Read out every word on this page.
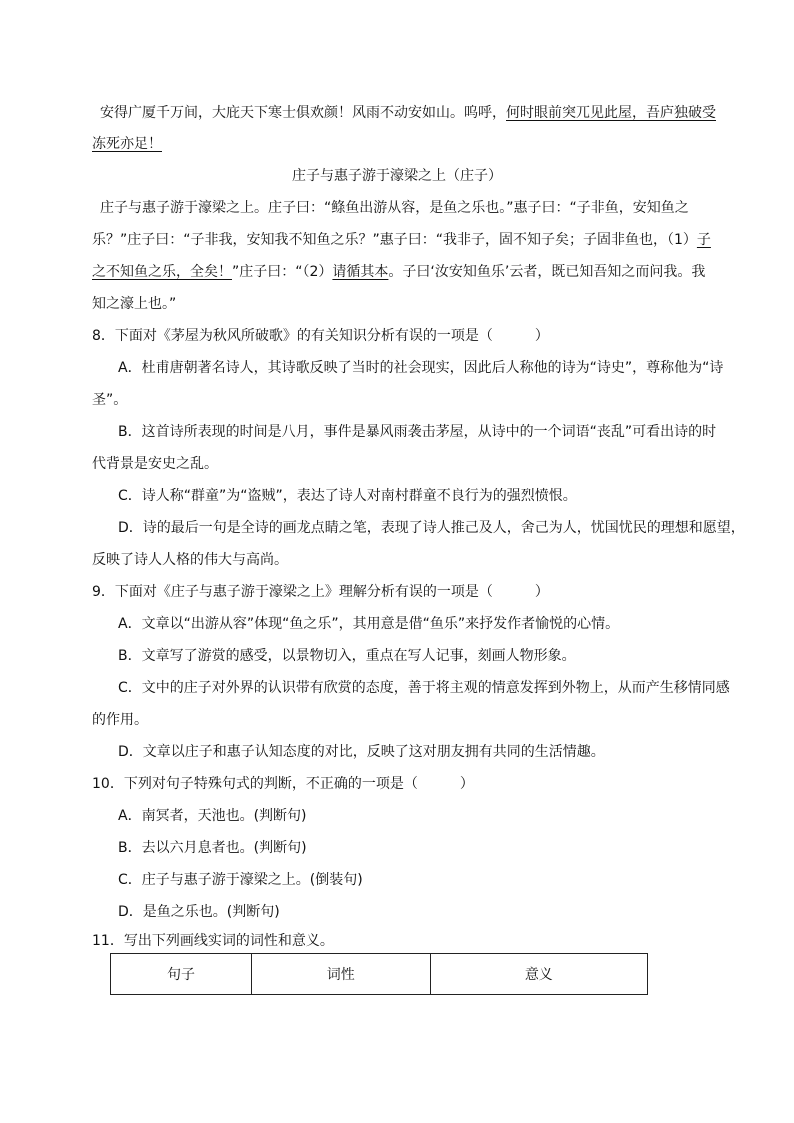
安得广厦千万间，大庇天下寒士俱欢颜！风雨不动安如山。呜呼，何时眼前突兀见此屋，吾庐独破受
冻死亦足！
庄子与惠子游于濠梁之上（庄子）
庄子与惠子游于濠梁之上。庄子曰：“鲦鱼出游从容，是鱼之乐也。”惠子曰：“子非鱼，安知鱼之
乐？”庄子曰：“子非我，安知我不知鱼之乐？”惠子曰：“我非子，固不知子矣；子固非鱼也，（1）子
之不知鱼之乐，全矣！”庄子曰：“（2）请循其本。子曰‘汝安知鱼乐’云者，既已知吾知之而问我。我
知之濠上也。”
8．下面对《茅屋为秋风所破歌》的有关知识分析有误的一项是（　　　）
A．杜甫唐朝著名诗人，其诗歌反映了当时的社会现实，因此后人称他的诗为“诗史”，尊称他为“诗
圣”。
B．这首诗所表现的时间是八月，事件是暴风雨袭击茅屋，从诗中的一个词语“丧乱”可看出诗的时
代背景是安史之乱。
C．诗人称“群童”为“盗贼”，表达了诗人对南村群童不良行为的强烈愤恨。
D．诗的最后一句是全诗的画龙点睛之笔，表现了诗人推己及人，舍己为人，忧国忧民的理想和愿望，
反映了诗人人格的伟大与高尚。
9．下面对《庄子与惠子游于濠梁之上》理解分析有误的一项是（　　　）
A．文章以“出游从容”体现“鱼之乐”，其用意是借“鱼乐”来抒发作者愉悦的心情。
B．文章写了游赏的感受，以景物切入，重点在写人记事，刻画人物形象。
C．文中的庄子对外界的认识带有欣赏的态度，善于将主观的情意发挥到外物上，从而产生移情同感
的作用。
D．文章以庄子和惠子认知态度的对比，反映了这对朋友拥有共同的生活情趣。
10．下列对句子特殊句式的判断，不正确的一项是（　　　）
A．南冥者，天池也。(判断句)
B．去以六月息者也。(判断句)
C．庄子与惠子游于濠梁之上。(倒装句)
D．是鱼之乐也。(判断句)
11．写出下列画线实词的词性和意义。
句子	词性	意义
